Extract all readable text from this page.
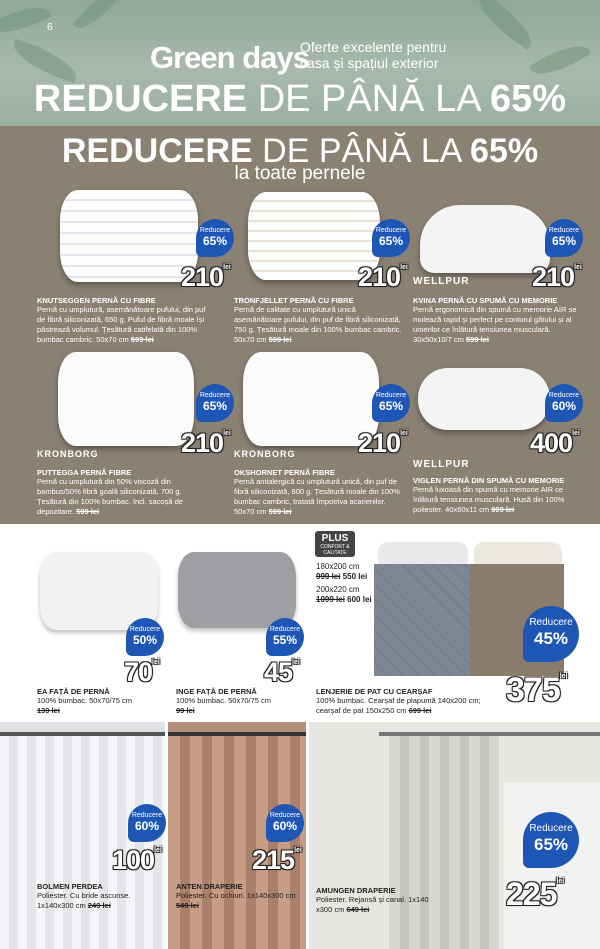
6
Green days
Oferte excelente pentru
casa și spațiul exterior
REDUCERE DE PÂNĂ LA 65%
REDUCERE DE PÂNĂ LA 65%
la toate pernele
Reducere
65%
$210^{lei}$
KNUTSEGGEN PERNĂ CU FIBRE
Pernă cu umplutură, asemănătoare pufului, din puf de fibră siliconizată, 650 g. Puful de fibră moale își păstrează volumul. Țesătură catifelată din 100% bumbac cambric. 50x70 cm 599 lei
Reducere
65%
$210^{lei}$
TRONFJELLET PERNĂ CU FIBRE
Pernă de calitate cu umplutură unică asemănătoare pufului, din puf de fibră siliconizată, 750 g. Țesătură moale din 100% bumbac cambric. 50x70 cm 599 lei
Reducere
65%
WELLPUR $210^{lei}$
KVINA PERNĂ CU SPUMĂ CU MEMORIE
Pernă ergonomică din spumă cu memorie AIR se mulează rapid și perfect pe conturul gâtului și al umerilor ce înlătură tensiunea musculară. 30x50x10/7 cm 599 lei
Reducere
65%
KRONBORG	$210^{lei}$
PUTTEGGA PERNĂ FIBRE
Pernă cu umplutură din 50% viscoză din bambus/50% fibră goală siliconizată, 700 g. Țesătură din 100% bumbac. Incl. sacoșă de depozitare. 599 lei
Reducere
65%
KRONBORG $210^{lei}$
OKSHORNET PERNĂ FIBRE
Pernă antialergică cu umplutură unică, din puf de fibră siliconizată, 800 g. Țesătură moale din 100% bumbac cambric, tratată împotriva acarienilor. 50x70 cm 599 lei
Reducere
60%
WELLPUR
$400^{lei}$
VIGLEN PERNĂ DIN SPUMĂ CU MEMORIE
Pernă luxoasă din spumă cu memorie AIR ce înlătură tensiunea musculară. Husă din 100% poliester. 40x60x11 cm 999 lei
Reducere
50%
$70^{lei}$
EA FAȚĂ DE PERNĂ
100% bumbac. 50x70/75 cm
139 lei
Reducere
55%
$45^{lei}$
INGE FAȚĂ DE PERNĂ
100% bumbac. 50x70/75 cm
99 lei
PLUS
CONFORT & CALITATE
180x200 cm
999 lei 550 lei
200x220 cm
1099 lei 600 lei
Reducere
45%
$375^{lei}$
LENJERIE DE PAT CU CEARȘAF
100% bumbac. Cearșaf de plapumă 140x200 cm; cearșaf de pat 150x250 cm 699 lei
Reducere
60%
$100^{lei}$
BOLMEN PERDEA
Poliester. Cu bride ascunse. 1x140x300 cm 249 lei
Reducere
60%
$215^{lei}$
ANTEN DRAPERIE
Poliester. Cu ochiuri. 1x140x300 cm 549 lei
Reducere
65%
$225^{lei}$
AMUNGEN DRAPERIE
Poliester. Rejansă și canal. 1x140 x300 cm 649 lei
